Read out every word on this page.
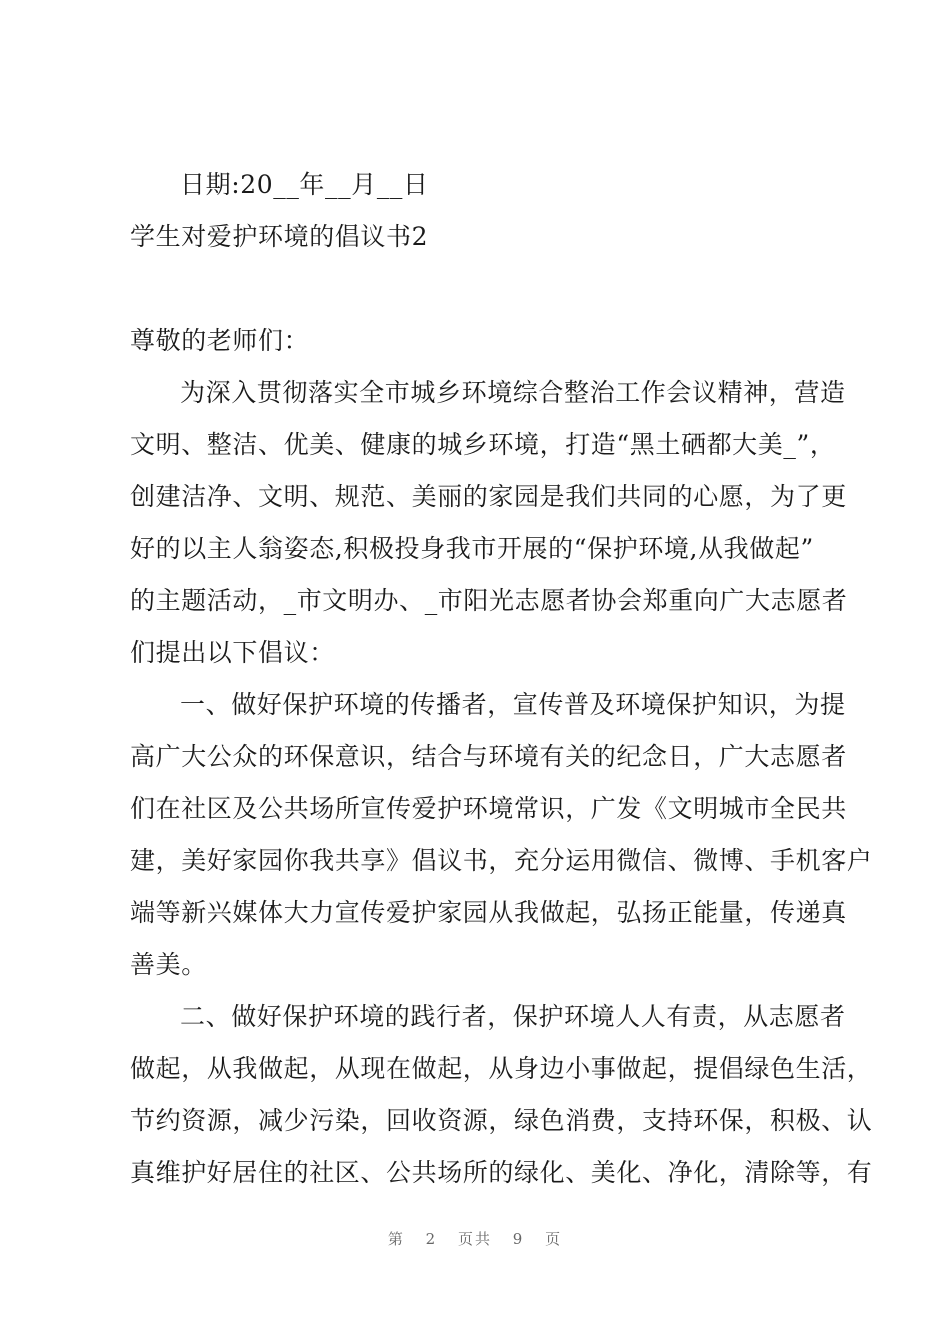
日期:20__年__月__日
学生对爱护环境的倡议书2
尊敬的老师们：
为深入贯彻落实全市城乡环境综合整治工作会议精神，营造
文明、整洁、优美、健康的城乡环境，打造“黑土硒都大美_”，
创建洁净、文明、规范、美丽的家园是我们共同的心愿，为了更
好的以主人翁姿态,积极投身我市开展的“保护环境,从我做起”
的主题活动，_市文明办、_市阳光志愿者协会郑重向广大志愿者
们提出以下倡议：
一、做好保护环境的传播者，宣传普及环境保护知识，为提
高广大公众的环保意识，结合与环境有关的纪念日，广大志愿者
们在社区及公共场所宣传爱护环境常识，广发《文明城市全民共
建，美好家园你我共享》倡议书，充分运用微信、微博、手机客户
端等新兴媒体大力宣传爱护家园从我做起，弘扬正能量，传递真
善美。
二、做好保护环境的践行者，保护环境人人有责，从志愿者
做起，从我做起，从现在做起，从身边小事做起，提倡绿色生活，
节约资源，减少污染，回收资源，绿色消费，支持环保，积极、认
真维护好居住的社区、公共场所的绿化、美化、净化，清除等，有
第 2 页共 9 页
